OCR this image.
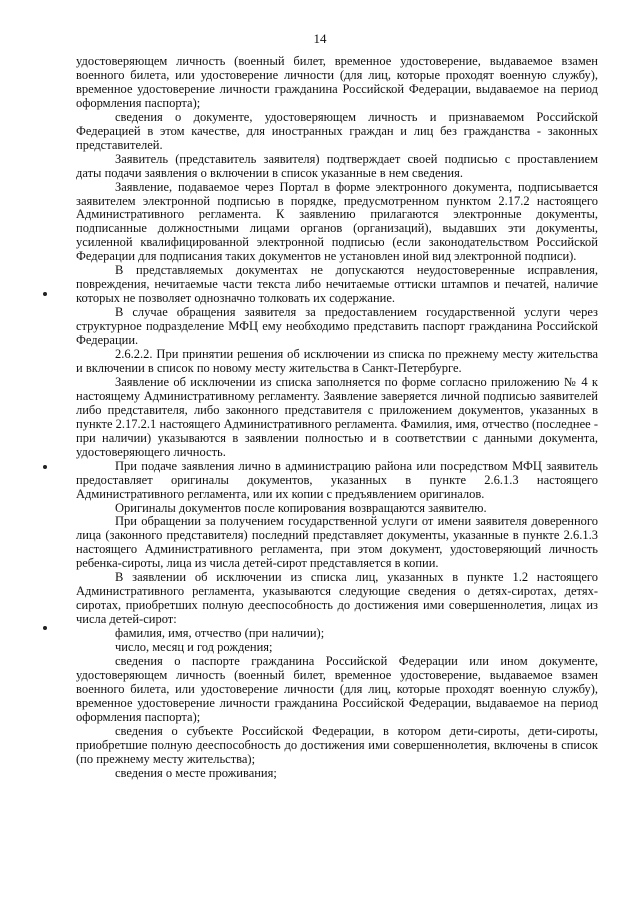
14

удостоверяющем личность (военный билет, временное удостоверение, выдаваемое взамен военного билета, или удостоверение личности (для лиц, которые проходят военную службу), временное удостоверение личности гражданина Российской Федерации, выдаваемое на период оформления паспорта);

сведения о документе, удостоверяющем личность и признаваемом Российской Федерацией в этом качестве, для иностранных граждан и лиц без гражданства - законных представителей.

Заявитель (представитель заявителя) подтверждает своей подписью с проставлением даты подачи заявления о включении в список указанные в нем сведения.

Заявление, подаваемое через Портал в форме электронного документа, подписывается заявителем электронной подписью в порядке, предусмотренном пунктом 2.17.2 настоящего Административного регламента. К заявлению прилагаются электронные документы, подписанные должностными лицами органов (организаций), выдавших эти документы, усиленной квалифицированной электронной подписью (если законодательством Российской Федерации для подписания таких документов не установлен иной вид электронной подписи).

В представляемых документах не допускаются неудостоверенные исправления, повреждения, нечитаемые части текста либо нечитаемые оттиски штампов и печатей, наличие которых не позволяет однозначно толковать их содержание.

В случае обращения заявителя за предоставлением государственной услуги через структурное подразделение МФЦ ему необходимо представить паспорт гражданина Российской Федерации.

2.6.2.2. При принятии решения об исключении из списка по прежнему месту жительства и включении в список по новому месту жительства в Санкт-Петербурге.

Заявление об исключении из списка заполняется по форме согласно приложению № 4 к настоящему Административному регламенту. Заявление заверяется личной подписью заявителей либо представителя, либо законного представителя с приложением документов, указанных в пункте 2.17.2.1 настоящего Административного регламента. Фамилия, имя, отчество (последнее - при наличии) указываются в заявлении полностью и в соответствии с данными документа, удостоверяющего личность.

При подаче заявления лично в администрацию района или посредством МФЦ заявитель предоставляет оригиналы документов, указанных в пункте 2.6.1.3 настоящего Административного регламента, или их копии с предъявлением оригиналов.

Оригиналы документов после копирования возвращаются заявителю.

При обращении за получением государственной услуги от имени заявителя доверенного лица (законного представителя) последний представляет документы, указанные в пункте 2.6.1.3 настоящего Административного регламента, при этом документ, удостоверяющий личность ребенка-сироты, лица из числа детей-сирот представляется в копии.

В заявлении об исключении из списка лиц, указанных в пункте 1.2 настоящего Административного регламента, указываются следующие сведения о детях-сиротах, детях-сиротах, приобретших полную дееспособность до достижения ими совершеннолетия, лицах из числа детей-сирот:

фамилия, имя, отчество (при наличии);

число, месяц и год рождения;

сведения о паспорте гражданина Российской Федерации или ином документе, удостоверяющем личность (военный билет, временное удостоверение, выдаваемое взамен военного билета, или удостоверение личности (для лиц, которые проходят военную службу), временное удостоверение личности гражданина Российской Федерации, выдаваемое на период оформления паспорта);

сведения о субъекте Российской Федерации, в котором дети-сироты, дети-сироты, приобретшие полную дееспособность до достижения ими совершеннолетия, включены в список (по прежнему месту жительства);

сведения о месте проживания;
